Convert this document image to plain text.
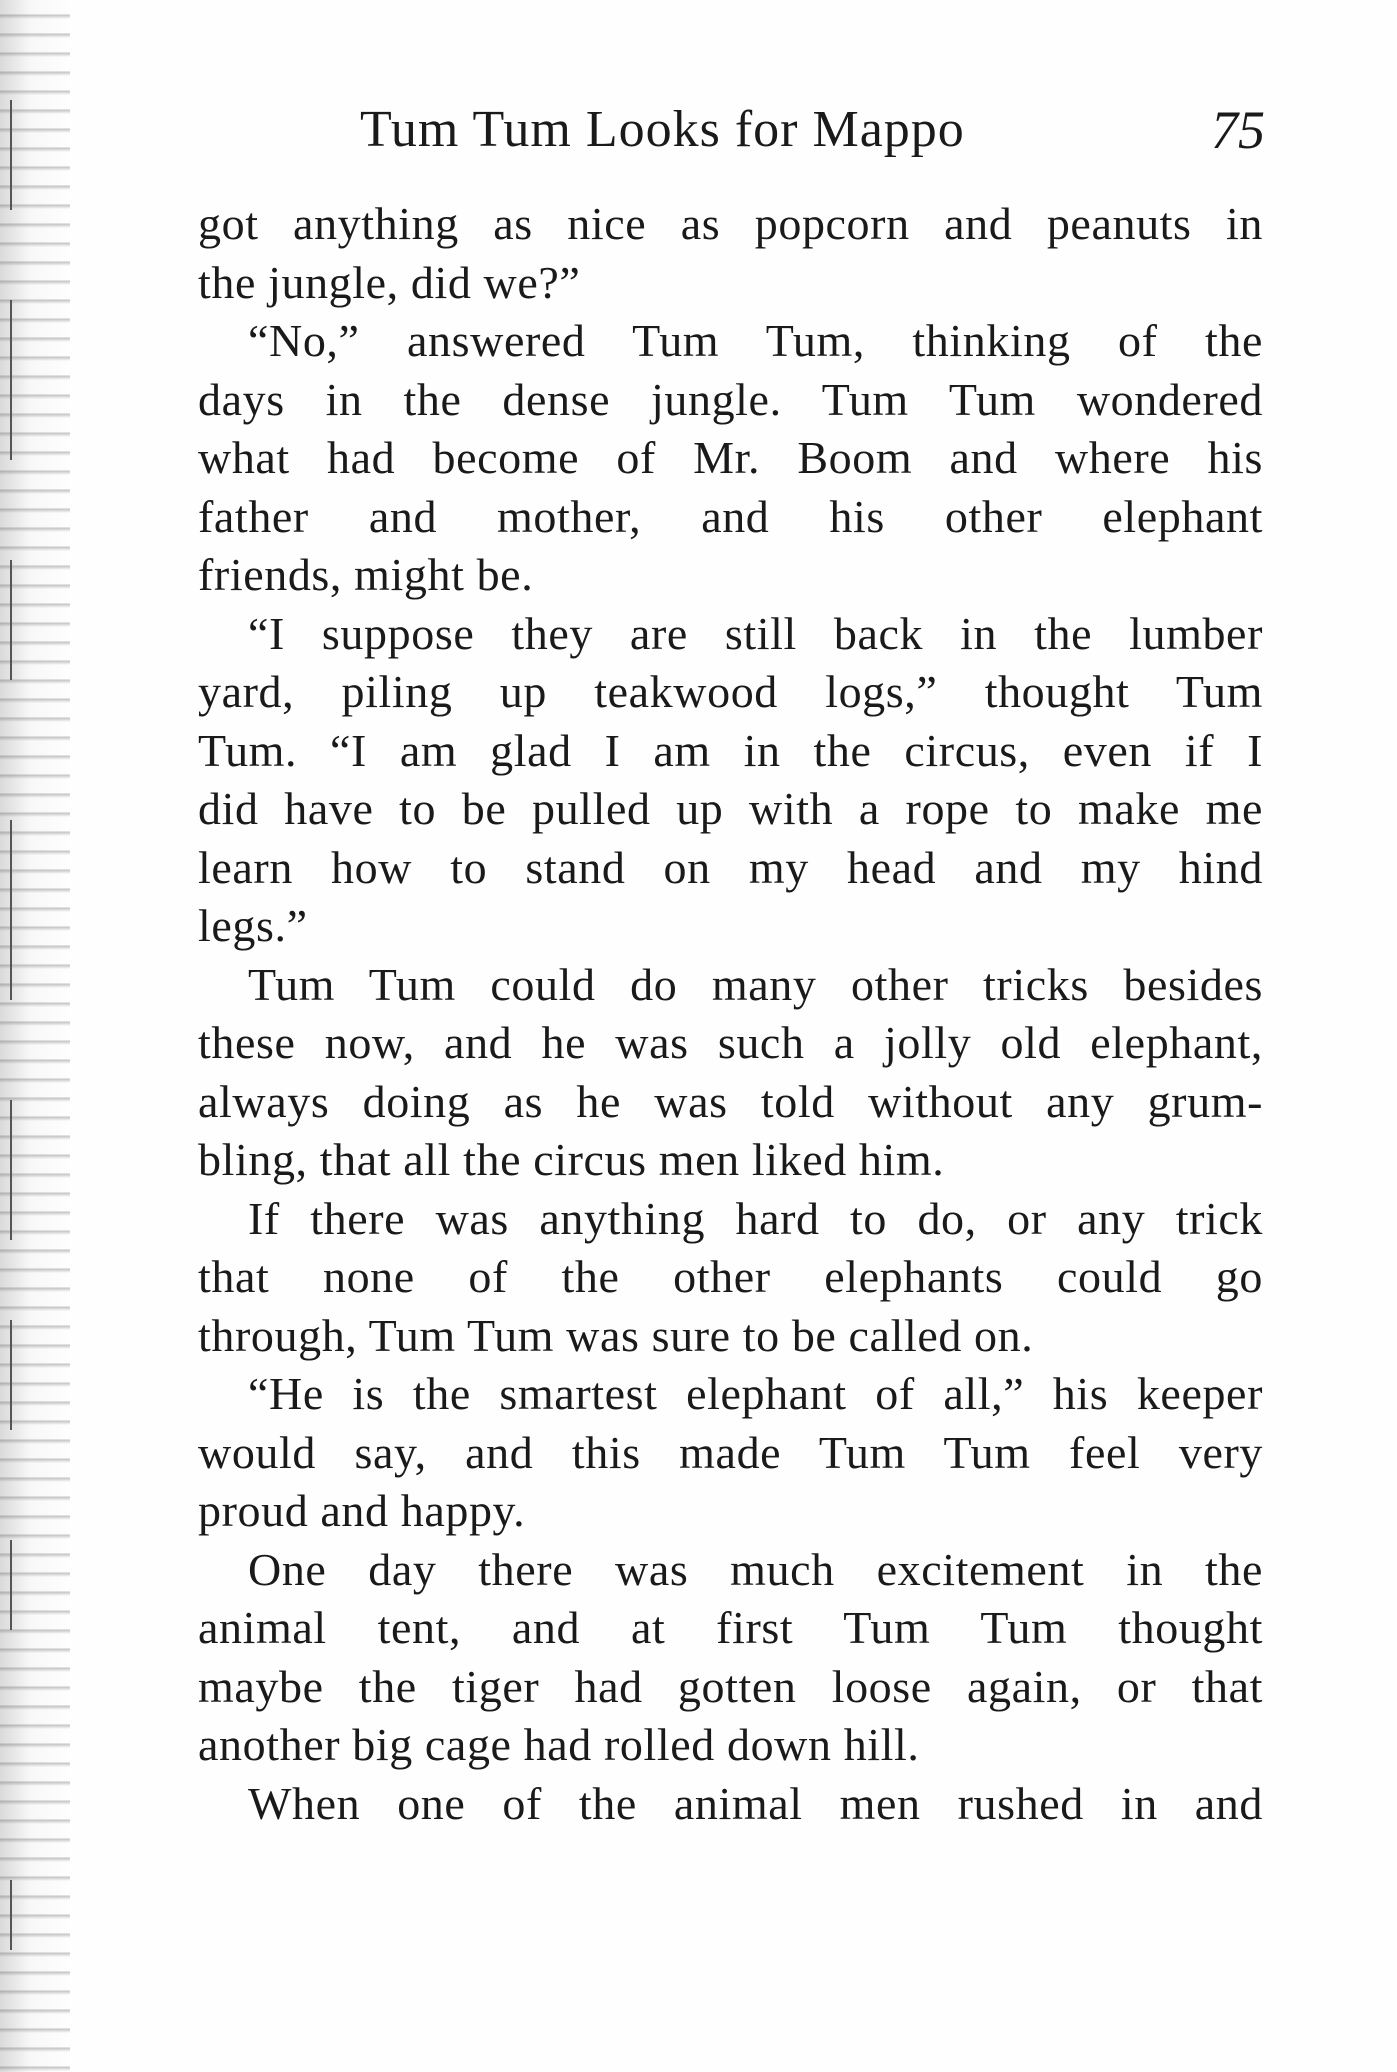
Tum Tum Looks for Mappo	75
got anything as nice as popcorn and peanuts in
the jungle, did we?”
“No,” answered Tum Tum, thinking of the
days in the dense jungle. Tum Tum wondered
what had become of Mr. Boom and where his
father and mother, and his other elephant
friends, might be.
“I suppose they are still back in the lumber
yard, piling up teakwood logs,” thought Tum
Tum. “I am glad I am in the circus, even if I
did have to be pulled up with a rope to make me
learn how to stand on my head and my hind
legs.”
Tum Tum could do many other tricks besides
these now, and he was such a jolly old elephant,
always doing as he was told without any grum-
bling, that all the circus men liked him.
If there was anything hard to do, or any trick
that none of the other elephants could go
through, Tum Tum was sure to be called on.
“He is the smartest elephant of all,” his keeper
would say, and this made Tum Tum feel very
proud and happy.
One day there was much excitement in the
animal tent, and at first Tum Tum thought
maybe the tiger had gotten loose again, or that
another big cage had rolled down hill.
When one of the animal men rushed in and
